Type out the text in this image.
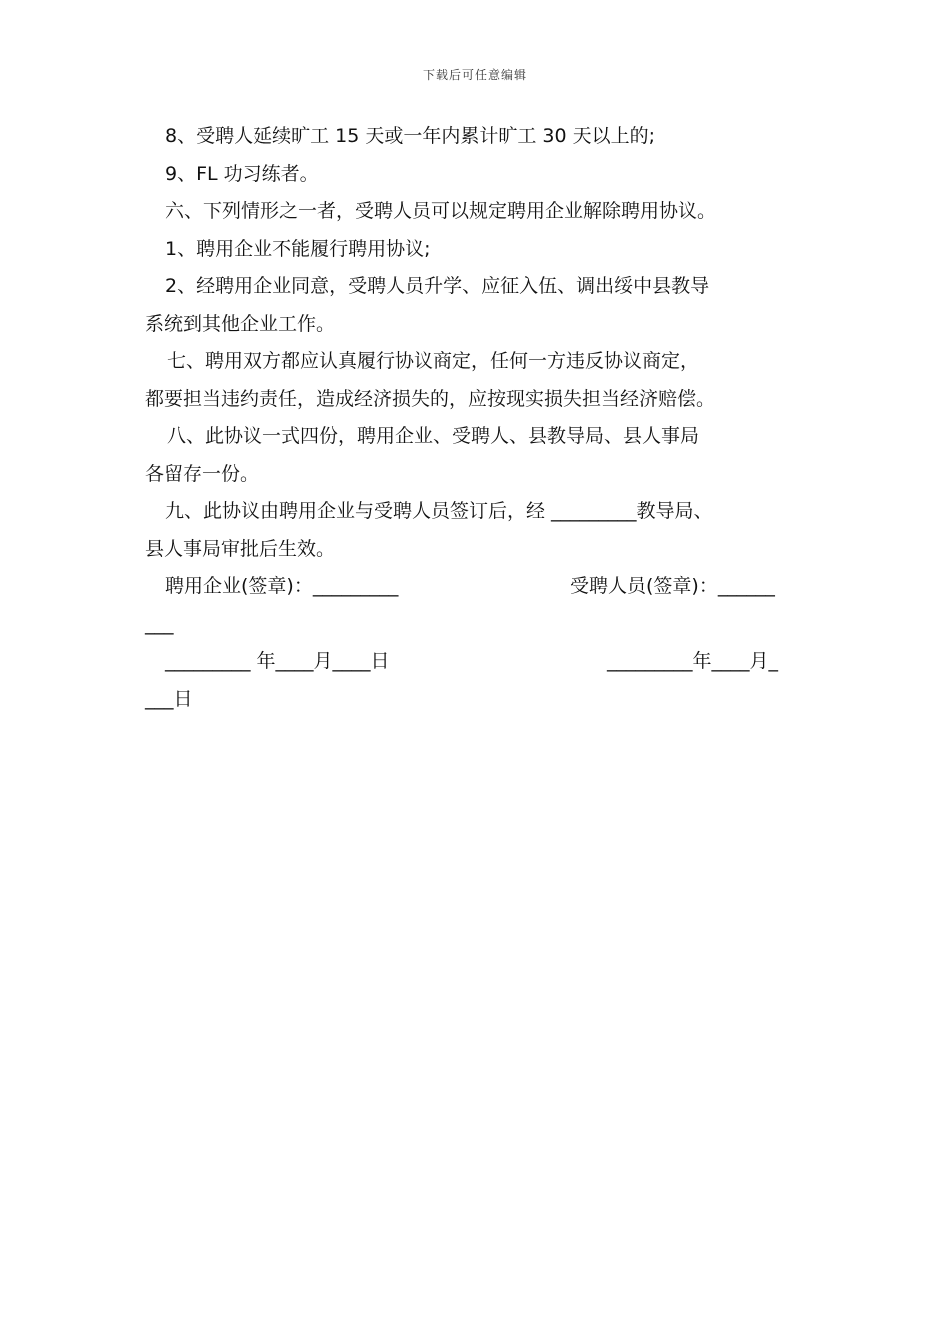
下载后可任意编辑
8、受聘人延续旷工 15 天或一年内累计旷工 30 天以上的;
9、FL 功习练者。
六、下列情形之一者，受聘人员可以规定聘用企业解除聘用协议。
1、聘用企业不能履行聘用协议;
2、经聘用企业同意，受聘人员升学、应征入伍、调出绥中县教导
系统到其他企业工作。
七、聘用双方都应认真履行协议商定，任何一方违反协议商定，
都要担当违约责任，造成经济损失的，应按现实损失担当经济赔偿。
八、此协议一式四份，聘用企业、受聘人、县教导局、县人事局
各留存一份。
九、此协议由聘用企业与受聘人员签订后，经 _________教导局、
县人事局审批后生效。
聘用企业(签章)：_________	受聘人员(签章)：______
___
_________ 年____月____日	_________年____月_
___日
